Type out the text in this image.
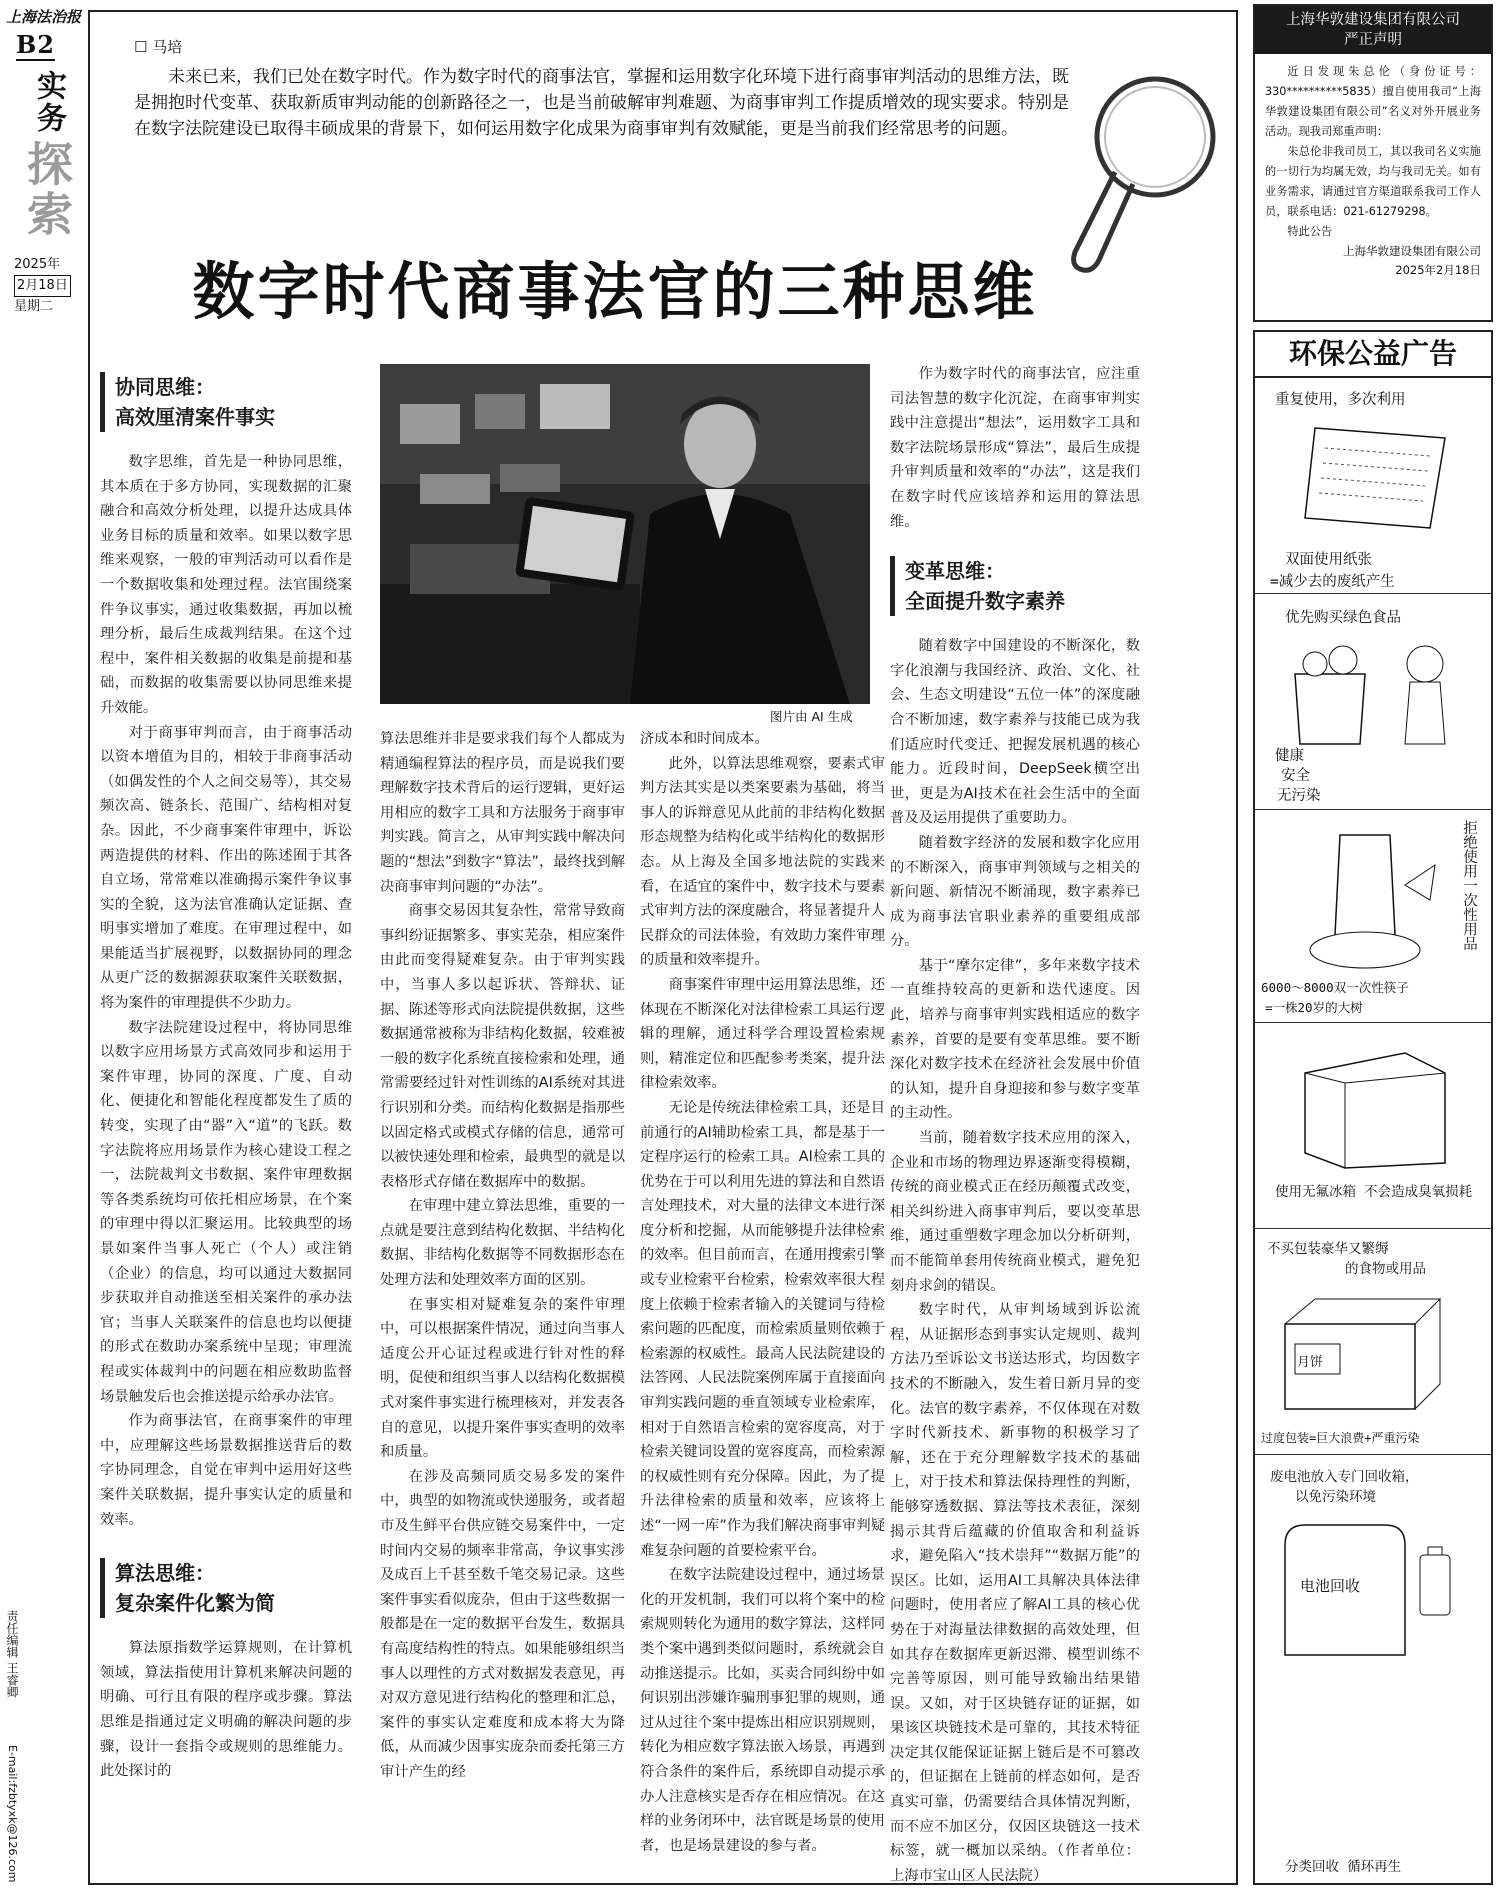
上海法治报
B2
实务
探索
2025年
2月18日
星期二
责任编辑 王睿卿
E-mail:fzbtyxk@126.com
☐ 马培
未来已来，我们已处在数字时代。作为数字时代的商事法官，掌握和运用数字化环境下进行商事审判活动的思维方法，既是拥抱时代变革、获取新质审判动能的创新路径之一，也是当前破解审判难题、为商事审判工作提质增效的现实要求。特别是在数字法院建设已取得丰硕成果的背景下，如何运用数字化成果为商事审判有效赋能，更是当前我们经常思考的问题。
数字时代商事法官的三种思维
图片由 AI 生成
协同思维：
高效厘清案件事实

数字思维，首先是一种协同思维，其本质在于多方协同，实现数据的汇聚融合和高效分析处理，以提升达成具体业务目标的质量和效率。如果以数字思维来观察，一般的审判活动可以看作是一个数据收集和处理过程。法官围绕案件争议事实，通过收集数据，再加以梳理分析，最后生成裁判结果。在这个过程中，案件相关数据的收集是前提和基础，而数据的收集需要以协同思维来提升效能。

对于商事审判而言，由于商事活动以资本增值为目的，相较于非商事活动（如偶发性的个人之间交易等），其交易频次高、链条长、范围广、结构相对复杂。因此，不少商事案件审理中，诉讼两造提供的材料、作出的陈述囿于其各自立场，常常难以准确揭示案件争议事实的全貌，这为法官准确认定证据、查明事实增加了难度。在审理过程中，如果能适当扩展视野，以数据协同的理念从更广泛的数据源获取案件关联数据，将为案件的审理提供不少助力。

数字法院建设过程中，将协同思维以数字应用场景方式高效同步和运用于案件审理，协同的深度、广度、自动化、便捷化和智能化程度都发生了质的转变，实现了由“器”入“道”的飞跃。数字法院将应用场景作为核心建设工程之一，法院裁判文书数据、案件审理数据等各类系统均可依托相应场景，在个案的审理中得以汇聚运用。比较典型的场景如案件当事人死亡（个人）或注销（企业）的信息，均可以通过大数据同步获取并自动推送至相关案件的承办法官；当事人关联案件的信息也均以便捷的形式在数助办案系统中呈现；审理流程或实体裁判中的问题在相应数助监督场景触发后也会推送提示给承办法官。

作为商事法官，在商事案件的审理中，应理解这些场景数据推送背后的数字协同理念，自觉在审判中运用好这些案件关联数据，提升事实认定的质量和效率。

算法思维：
复杂案件化繁为简

算法原指数学运算规则，在计算机领域，算法指使用计算机来解决问题的明确、可行且有限的程序或步骤。算法思维是指通过定义明确的解决问题的步骤，设计一套指令或规则的思维能力。此处探讨的

算法思维并非是要求我们每个人都成为精通编程算法的程序员，而是说我们要理解数字技术背后的运行逻辑，更好运用相应的数字工具和方法服务于商事审判实践。简言之，从审判实践中解决问题的“想法”到数字“算法”，最终找到解决商事审判问题的“办法”。

商事交易因其复杂性，常常导致商事纠纷证据繁多、事实芜杂，相应案件由此而变得疑难复杂。由于审判实践中，当事人多以起诉状、答辩状、证据、陈述等形式向法院提供数据，这些数据通常被称为非结构化数据，较难被一般的数字化系统直接检索和处理，通常需要经过针对性训练的AI系统对其进行识别和分类。而结构化数据是指那些以固定格式或模式存储的信息，通常可以被快速处理和检索，最典型的就是以表格形式存储在数据库中的数据。

在审理中建立算法思维，重要的一点就是要注意到结构化数据、半结构化数据、非结构化数据等不同数据形态在处理方法和处理效率方面的区别。

在事实相对疑难复杂的案件审理中，可以根据案件情况，通过向当事人适度公开心证过程或进行针对性的释明，促使和组织当事人以结构化数据模式对案件事实进行梳理核对，并发表各自的意见，以提升案件事实查明的效率和质量。

在涉及高频同质交易多发的案件中，典型的如物流或快递服务，或者超市及生鲜平台供应链交易案件中，一定时间内交易的频率非常高，争议事实涉及成百上千甚至数千笔交易记录。这些案件事实看似庞杂，但由于这些数据一般都是在一定的数据平台发生，数据具有高度结构性的特点。如果能够组织当事人以理性的方式对数据发表意见，再对双方意见进行结构化的整理和汇总，案件的事实认定难度和成本将大为降低，从而减少因事实庞杂而委托第三方审计产生的经

济成本和时间成本。

此外，以算法思维观察，要素式审判方法其实是以类案要素为基础，将当事人的诉辩意见从此前的非结构化数据形态规整为结构化或半结构化的数据形态。从上海及全国多地法院的实践来看，在适宜的案件中，数字技术与要素式审判方法的深度融合，将显著提升人民群众的司法体验，有效助力案件审理的质量和效率提升。

商事案件审理中运用算法思维，还体现在不断深化对法律检索工具运行逻辑的理解，通过科学合理设置检索规则，精准定位和匹配参考类案，提升法律检索效率。

无论是传统法律检索工具，还是目前通行的AI辅助检索工具，都是基于一定程序运行的检索工具。AI检索工具的优势在于可以利用先进的算法和自然语言处理技术，对大量的法律文本进行深度分析和挖掘，从而能够提升法律检索的效率。但目前而言，在通用搜索引擎或专业检索平台检索，检索效率很大程度上依赖于检索者输入的关键词与待检索问题的匹配度，而检索质量则依赖于检索源的权威性。最高人民法院建设的法答网、人民法院案例库属于直接面向审判实践问题的垂直领域专业检索库，相对于自然语言检索的宽容度高，对于检索关键词设置的宽容度高，而检索源的权威性则有充分保障。因此，为了提升法律检索的质量和效率，应该将上述“一网一库”作为我们解决商事审判疑难复杂问题的首要检索平台。

在数字法院建设过程中，通过场景化的开发机制，我们可以将个案中的检索规则转化为通用的数字算法，这样同类个案中遇到类似问题时，系统就会自动推送提示。比如，买卖合同纠纷中如何识别出涉嫌诈骗刑事犯罪的规则，通过从过往个案中提炼出相应识别规则，转化为相应数字算法嵌入场景，再遇到符合条件的案件后，系统即自动提示承办人注意核实是否存在相应情况。在这样的业务闭环中，法官既是场景的使用者，也是场景建设的参与者。

作为数字时代的商事法官，应注重司法智慧的数字化沉淀，在商事审判实践中注意提出“想法”，运用数字工具和数字法院场景形成“算法”，最后生成提升审判质量和效率的“办法”，这是我们在数字时代应该培养和运用的算法思维。

变革思维：
全面提升数字素养

随着数字中国建设的不断深化，数字化浪潮与我国经济、政治、文化、社会、生态文明建设“五位一体”的深度融合不断加速，数字素养与技能已成为我们适应时代变迁、把握发展机遇的核心能力。近段时间，DeepSeek横空出世，更是为AI技术在社会生活中的全面普及及运用提供了重要助力。

随着数字经济的发展和数字化应用的不断深入，商事审判领域与之相关的新问题、新情况不断涌现，数字素养已成为商事法官职业素养的重要组成部分。

基于“摩尔定律”，多年来数字技术一直维持较高的更新和迭代速度。因此，培养与商事审判实践相适应的数字素养，首要的是要有变革思维。要不断深化对数字技术在经济社会发展中价值的认知，提升自身迎接和参与数字变革的主动性。

当前，随着数字技术应用的深入，企业和市场的物理边界逐渐变得模糊，传统的商业模式正在经历颠覆式改变，相关纠纷进入商事审判后，要以变革思维，通过重塑数字理念加以分析研判，而不能简单套用传统商业模式，避免犯刻舟求剑的错误。

数字时代，从审判场域到诉讼流程，从证据形态到事实认定规则、裁判方法乃至诉讼文书送达形式，均因数字技术的不断融入，发生着日新月异的变化。法官的数字素养，不仅体现在对数字时代新技术、新事物的积极学习了解，还在于充分理解数字技术的基础上，对于技术和算法保持理性的判断，能够穿透数据、算法等技术表征，深刻揭示其背后蕴藏的价值取舍和利益诉求，避免陷入“技术崇拜”“数据万能”的误区。比如，运用AI工具解决具体法律问题时，使用者应了解AI工具的核心优势在于对海量法律数据的高效处理，但如其存在数据库更新迟滞、模型训练不完善等原因，则可能导致输出结果错误。又如，对于区块链存证的证据，如果该区块链技术是可靠的，其技术特征决定其仅能保证证据上链后是不可篡改的，但证据在上链前的样态如何，是否真实可靠，仍需要结合具体情况判断，而不应不加区分，仅因区块链这一技术标签，就一概加以采纳。（作者单位：上海市宝山区人民法院）

上海华敦建设集团有限公司
严正声明

近日发现朱总伦（身份证号：330**********5835）擅自使用我司“上海华敦建设集团有限公司”名义对外开展业务活动。现我司郑重声明：

朱总伦非我司员工，其以我司名义实施的一切行为均属无效，均与我司无关。如有业务需求，请通过官方渠道联系我司工作人员，联系电话：021-61279298。

特此公告

上海华敦建设集团有限公司
2025年2月18日
环保公益广告
重复使用，多次利用
双面使用纸张
=减少去的废纸产生
优先购买绿色食品
健康
安全
无污染
拒绝使用一次性用品
6000～8000双一次性筷子
=一株20岁的大树
使用无氟冰箱 不会造成臭氧损耗
不买包装豪华又繁缛
的食物或用品
月饼
过度包装=巨大浪费+严重污染
废电池放入专门回收箱，
以免污染环境
电池回收
分类回收 循环再生
